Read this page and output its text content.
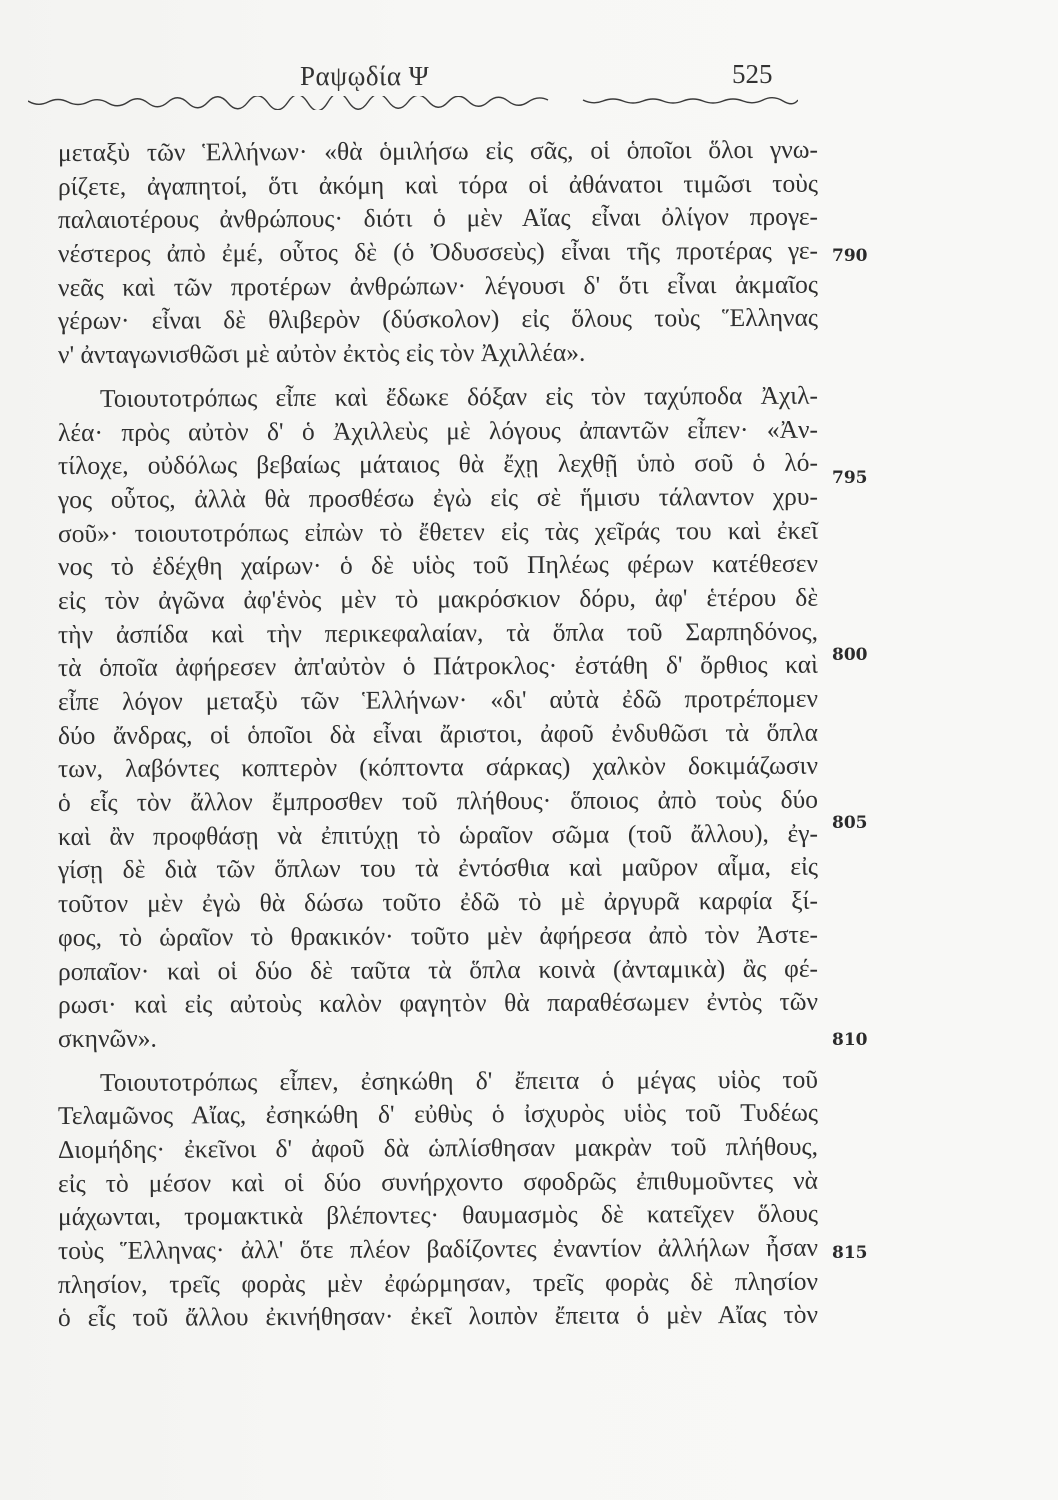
Ραψῳδία Ψ	525
μεταξὺ τῶν Ἑλλήνων· «θὰ ὁμιλήσω εἰς σᾶς, οἱ ὁποῖοι ὅλοι γνω-
ρίζετε, ἀγαπητοί, ὅτι ἀκόμη καὶ τόρα οἱ ἀθάνατοι τιμῶσι τοὺς
παλαιοτέρους ἀνθρώπους· διότι ὁ μὲν Αἴας εἶναι ὀλίγον προγε-
νέστερος ἀπὸ ἐμέ, οὗτος δὲ (ὁ Ὀδυσσεὺς) εἶναι τῆς προτέρας γε-
νεᾶς καὶ τῶν προτέρων ἀνθρώπων· λέγουσι δ' ὅτι εἶναι ἀκμαῖος
γέρων· εἶναι δὲ θλιβερὸν (δύσκολον) εἰς ὅλους τοὺς Ἕλληνας
ν' ἀνταγωνισθῶσι μὲ αὐτὸν ἐκτὸς εἰς τὸν Ἀχιλλέα».
Τοιουτοτρόπως εἶπε καὶ ἔδωκε δόξαν εἰς τὸν ταχύποδα Ἀχιλ-
λέα· πρὸς αὐτὸν δ' ὁ Ἀχιλλεὺς μὲ λόγους ἀπαντῶν εἶπεν· «Ἀν-
τίλοχε, οὐδόλως βεβαίως μάταιος θὰ ἔχῃ λεχθῇ ὑπὸ σοῦ ὁ λό-
γος οὗτος, ἀλλὰ θὰ προσθέσω ἐγὼ εἰς σὲ ἥμισυ τάλαντον χρυ-
σοῦ»· τοιουτοτρόπως εἰπὼν τὸ ἔθετεν εἰς τὰς χεῖράς του καὶ ἐκεῖ
νος τὸ ἐδέχθη χαίρων· ὁ δὲ υἱὸς τοῦ Πηλέως φέρων κατέθεσεν
εἰς τὸν ἀγῶνα ἀφ'ἑνὸς μὲν τὸ μακρόσκιον δόρυ, ἀφ' ἑτέρου δὲ
τὴν ἀσπίδα καὶ τὴν περικεφαλαίαν, τὰ ὅπλα τοῦ Σαρπηδόνος,
τὰ ὁποῖα ἀφήρεσεν ἀπ'αὐτὸν ὁ Πάτροκλος· ἐστάθη δ' ὄρθιος καὶ
εἶπε λόγον μεταξὺ τῶν Ἑλλήνων· «δι' αὐτὰ ἐδῶ προτρέπομεν
δύο ἄνδρας, οἱ ὁποῖοι δὰ εἶναι ἄριστοι, ἀφοῦ ἐνδυθῶσι τὰ ὅπλα
των, λαβόντες κοπτερὸν (κόπτοντα σάρκας) χαλκὸν δοκιμάζωσιν
ὁ εἷς τὸν ἄλλον ἔμπροσθεν τοῦ πλήθους· ὅποιος ἀπὸ τοὺς δύο
καὶ ἂν προφθάσῃ νὰ ἐπιτύχῃ τὸ ὡραῖον σῶμα (τοῦ ἄλλου), ἐγ-
γίσῃ δὲ διὰ τῶν ὅπλων του τὰ ἐντόσθια καὶ μαῦρον αἷμα, εἰς
τοῦτον μὲν ἐγὼ θὰ δώσω τοῦτο ἐδῶ τὸ μὲ ἀργυρᾶ καρφία ξί-
φος, τὸ ὡραῖον τὸ θρακικόν· τοῦτο μὲν ἀφήρεσα ἀπὸ τὸν Ἀστε-
ροπαῖον· καὶ οἱ δύο δὲ ταῦτα τὰ ὅπλα κοινὰ (ἀνταμικὰ) ἂς φέ-
ρωσι· καὶ εἰς αὐτοὺς καλὸν φαγητὸν θὰ παραθέσωμεν ἐντὸς τῶν
σκηνῶν».
Τοιουτοτρόπως εἶπεν, ἐσηκώθη δ' ἔπειτα ὁ μέγας υἱὸς τοῦ
Τελαμῶνος Αἴας, ἐσηκώθη δ' εὐθὺς ὁ ἰσχυρὸς υἱὸς τοῦ Τυδέως
Διομήδης· ἐκεῖνοι δ' ἀφοῦ δὰ ὡπλίσθησαν μακρὰν τοῦ πλήθους,
εἰς τὸ μέσον καὶ οἱ δύο συνήρχοντο σφοδρῶς ἐπιθυμοῦντες νὰ
μάχωνται, τρομακτικὰ βλέποντες· θαυμασμὸς δὲ κατεῖχεν ὅλους
τοὺς Ἕλληνας· ἀλλ' ὅτε πλέον βαδίζοντες ἐναντίον ἀλλήλων ἦσαν
πλησίον, τρεῖς φορὰς μὲν ἐφώρμησαν, τρεῖς φορὰς δὲ πλησίον
ὁ εἷς τοῦ ἄλλου ἐκινήθησαν· ἐκεῖ λοιπὸν ἔπειτα ὁ μὲν Αἴας τὸν
790
795
800
805
810
815
